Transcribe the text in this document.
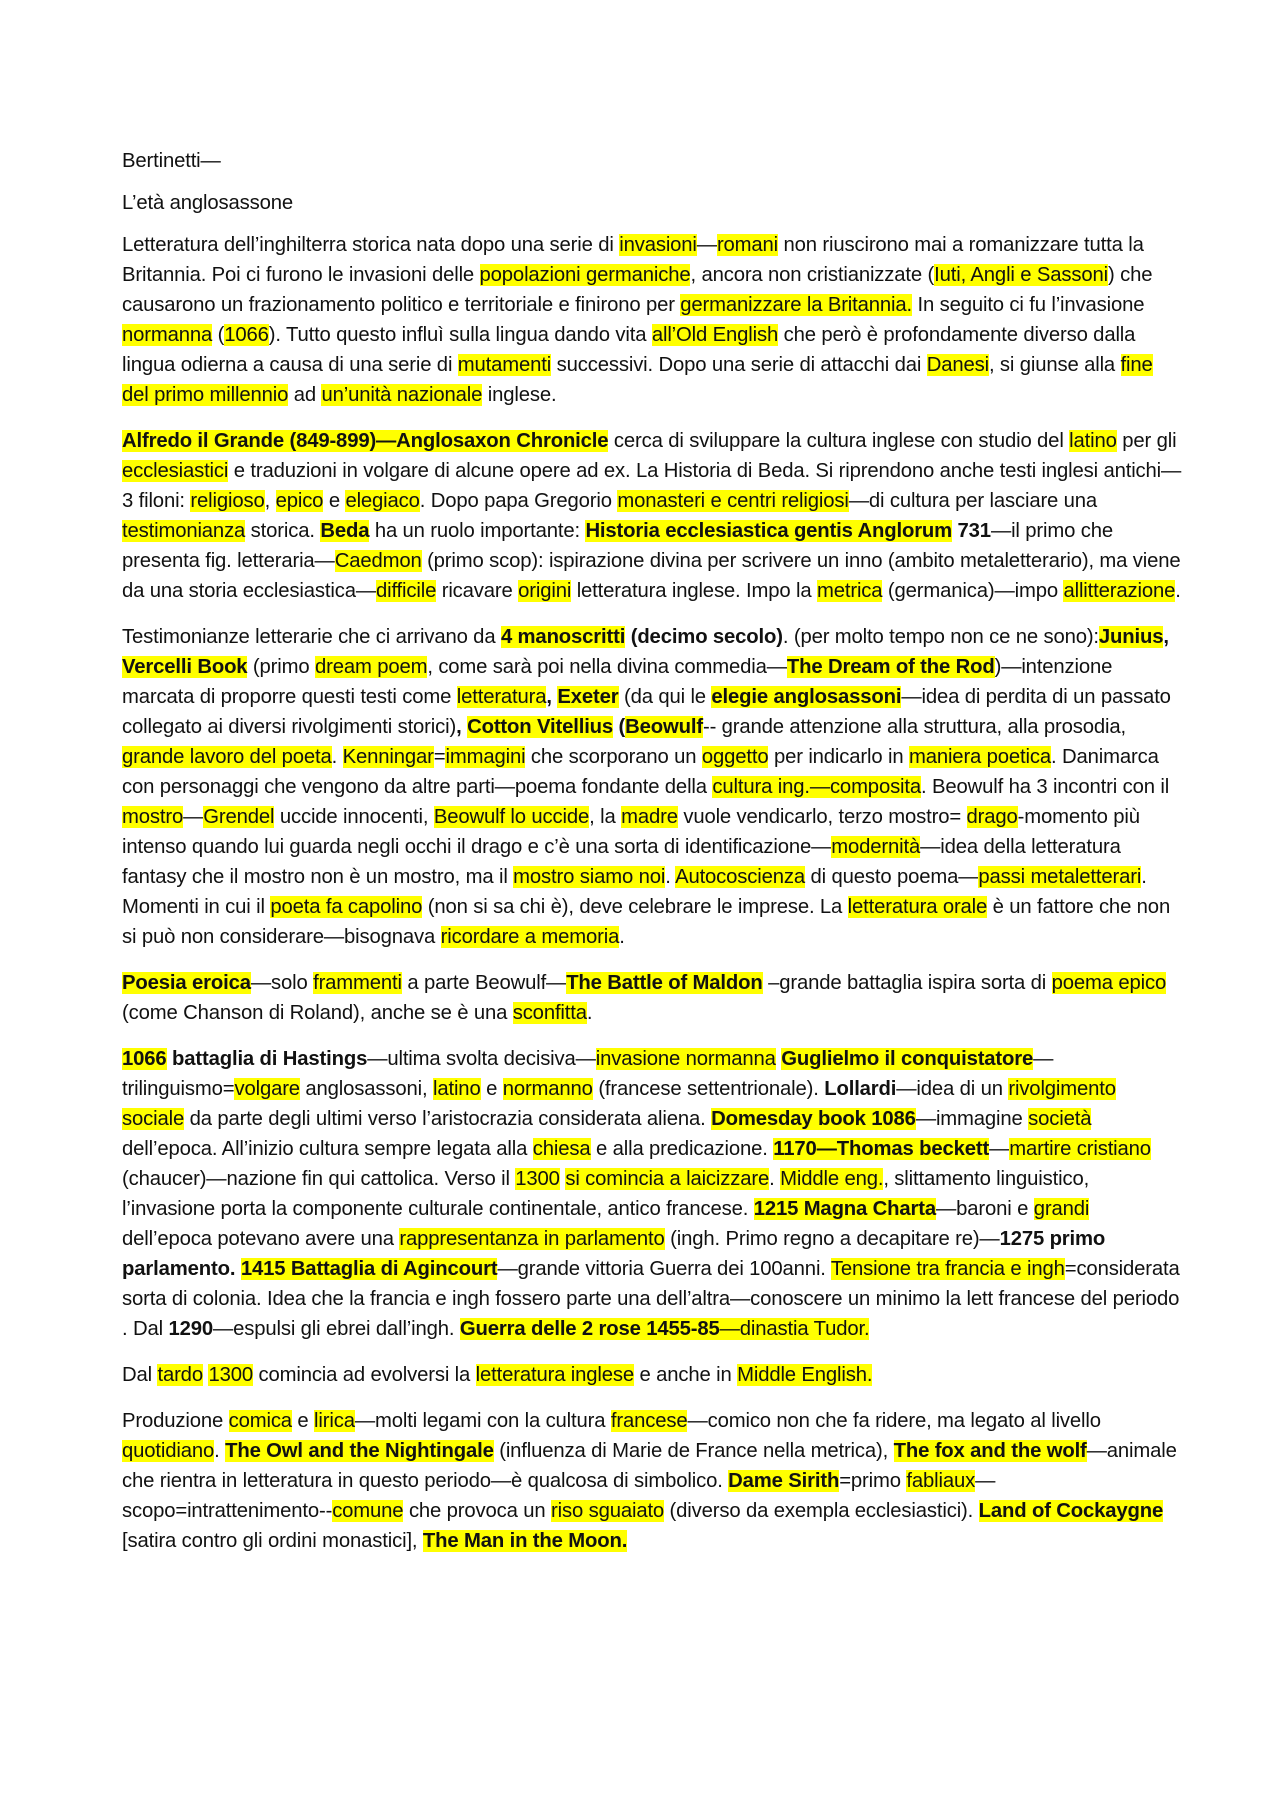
Bertinetti—

L’età anglosassone

Letteratura dell’inghilterra storica nata dopo una serie di invasioni—romani non riuscirono mai a romanizzare tutta la Britannia. Poi ci furono le invasioni delle popolazioni germaniche, ancora non cristianizzate (Iuti, Angli e Sassoni) che causarono un frazionamento politico e territoriale e finirono per germanizzare la Britannia. In seguito ci fu l’invasione normanna (1066). Tutto questo influì sulla lingua dando vita all’Old English che però è profondamente diverso dalla lingua odierna a causa di una serie di mutamenti successivi. Dopo una serie di attacchi dai Danesi, si giunse alla fine del primo millennio ad un’unità nazionale inglese.

Alfredo il Grande (849-899)—Anglosaxon Chronicle cerca di sviluppare la cultura inglese con studio del latino per gli ecclesiastici e traduzioni in volgare di alcune opere ad ex. La Historia di Beda. Si riprendono anche testi inglesi antichi—3 filoni: religioso, epico e elegiaco. Dopo papa Gregorio monasteri e centri religiosi—di cultura per lasciare una testimonianza storica. Beda ha un ruolo importante: Historia ecclesiastica gentis Anglorum 731—il primo che presenta fig. letteraria—Caedmon (primo scop): ispirazione divina per scrivere un inno (ambito metaletterario), ma viene da una storia ecclesiastica—difficile ricavare origini letteratura inglese. Impo la metrica (germanica)—impo allitterazione.

Testimonianze letterarie che ci arrivano da 4 manoscritti (decimo secolo). (per molto tempo non ce ne sono):Junius, Vercelli Book (primo dream poem, come sarà poi nella divina commedia—The Dream of the Rod)—intenzione marcata di proporre questi testi come letteratura, Exeter (da qui le elegie anglosassoni—idea di perdita di un passato collegato ai diversi rivolgimenti storici), Cotton Vitellius (Beowulf-- grande attenzione alla struttura, alla prosodia, grande lavoro del poeta. Kenningar=immagini che scorporano un oggetto per indicarlo in maniera poetica. Danimarca con personaggi che vengono da altre parti—poema fondante della cultura ing.—composita. Beowulf ha 3 incontri con il mostro—Grendel uccide innocenti, Beowulf lo uccide, la madre vuole vendicarlo, terzo mostro= drago-momento più intenso quando lui guarda negli occhi il drago e c’è una sorta di identificazione—modernità—idea della letteratura fantasy che il mostro non è un mostro, ma il mostro siamo noi. Autocoscienza di questo poema—passi metaletterari. Momenti in cui il poeta fa capolino (non si sa chi è), deve celebrare le imprese. La letteratura orale è un fattore che non si può non considerare—bisognava ricordare a memoria.

Poesia eroica—solo frammenti a parte Beowulf—The Battle of Maldon –grande battaglia ispira sorta di poema epico (come Chanson di Roland), anche se è una sconfitta.

1066 battaglia di Hastings—ultima svolta decisiva—invasione normanna Guglielmo il conquistatore—trilinguismo=volgare anglosassoni, latino e normanno (francese settentrionale). Lollardi—idea di un rivolgimento sociale da parte degli ultimi verso l’aristocrazia considerata aliena. Domesday book 1086—immagine società dell’epoca. All’inizio cultura sempre legata alla chiesa e alla predicazione. 1170—Thomas beckett—martire cristiano (chaucer)—nazione fin qui cattolica. Verso il 1300 si comincia a laicizzare. Middle eng., slittamento linguistico, l’invasione porta la componente culturale continentale, antico francese. 1215 Magna Charta—baroni e grandi dell’epoca potevano avere una rappresentanza in parlamento (ingh. Primo regno a decapitare re)—1275 primo parlamento. 1415 Battaglia di Agincourt—grande vittoria Guerra dei 100anni. Tensione tra francia e ingh=considerata sorta di colonia. Idea che la francia e ingh fossero parte una dell’altra—conoscere un minimo la lett francese del periodo . Dal 1290—espulsi gli ebrei dall’ingh. Guerra delle 2 rose 1455-85—dinastia Tudor.

Dal tardo 1300 comincia ad evolversi la letteratura inglese e anche in Middle English.

Produzione comica e lirica—molti legami con la cultura francese—comico non che fa ridere, ma legato al livello quotidiano. The Owl and the Nightingale (influenza di Marie de France nella metrica), The fox and the wolf—animale che rientra in letteratura in questo periodo—è qualcosa di simbolico. Dame Sirith=primo fabliaux— scopo=intrattenimento--comune che provoca un riso sguaiato (diverso da exempla ecclesiastici). Land of Cockaygne [satira contro gli ordini monastici], The Man in the Moon.
